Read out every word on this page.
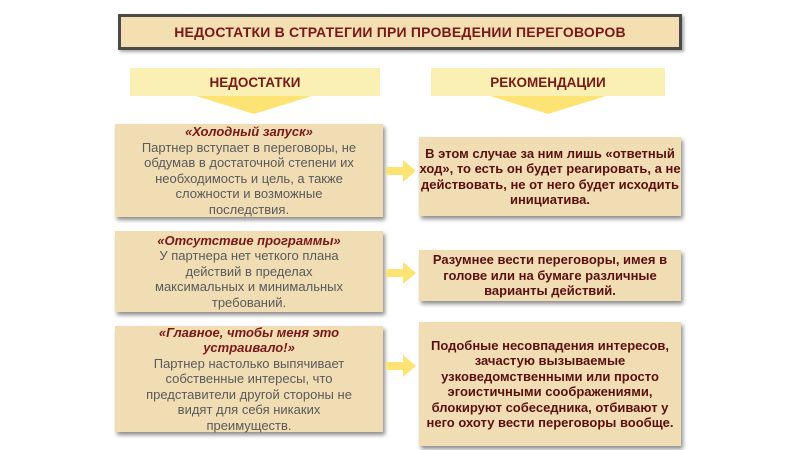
НЕДОСТАТКИ В СТРАТЕГИИ ПРИ ПРОВЕДЕНИИ ПЕРЕГОВОРОВ
НЕДОСТАТКИ	РЕКОМЕНДАЦИИ
«Холодный запуск»
Партнер вступает в переговоры, не
обдумав в достаточной степени их
необходимость и цель, а также
сложности и возможные
последствия.
В этом случае за ним лишь «ответный ход», то есть он будет реагировать, а не действовать, не от него будет исходить инициатива.
«Отсутствие программы»
У партнера нет четкого плана
действий в пределах
максимальных и минимальных
требований.
Разумнее вести переговоры, имея в голове или на бумаге различные варианты действий.
«Главное, чтобы меня это
устраивало!»
Партнер настолько выпячивает
собственные интересы, что
представители другой стороны не
видят для себя никаких
преимуществ.
Подобные несовпадения интересов, зачастую вызываемые узковедомственными или просто эгоистичными соображениями, блокируют собеседника, отбивают у него охоту вести переговоры вообще.
